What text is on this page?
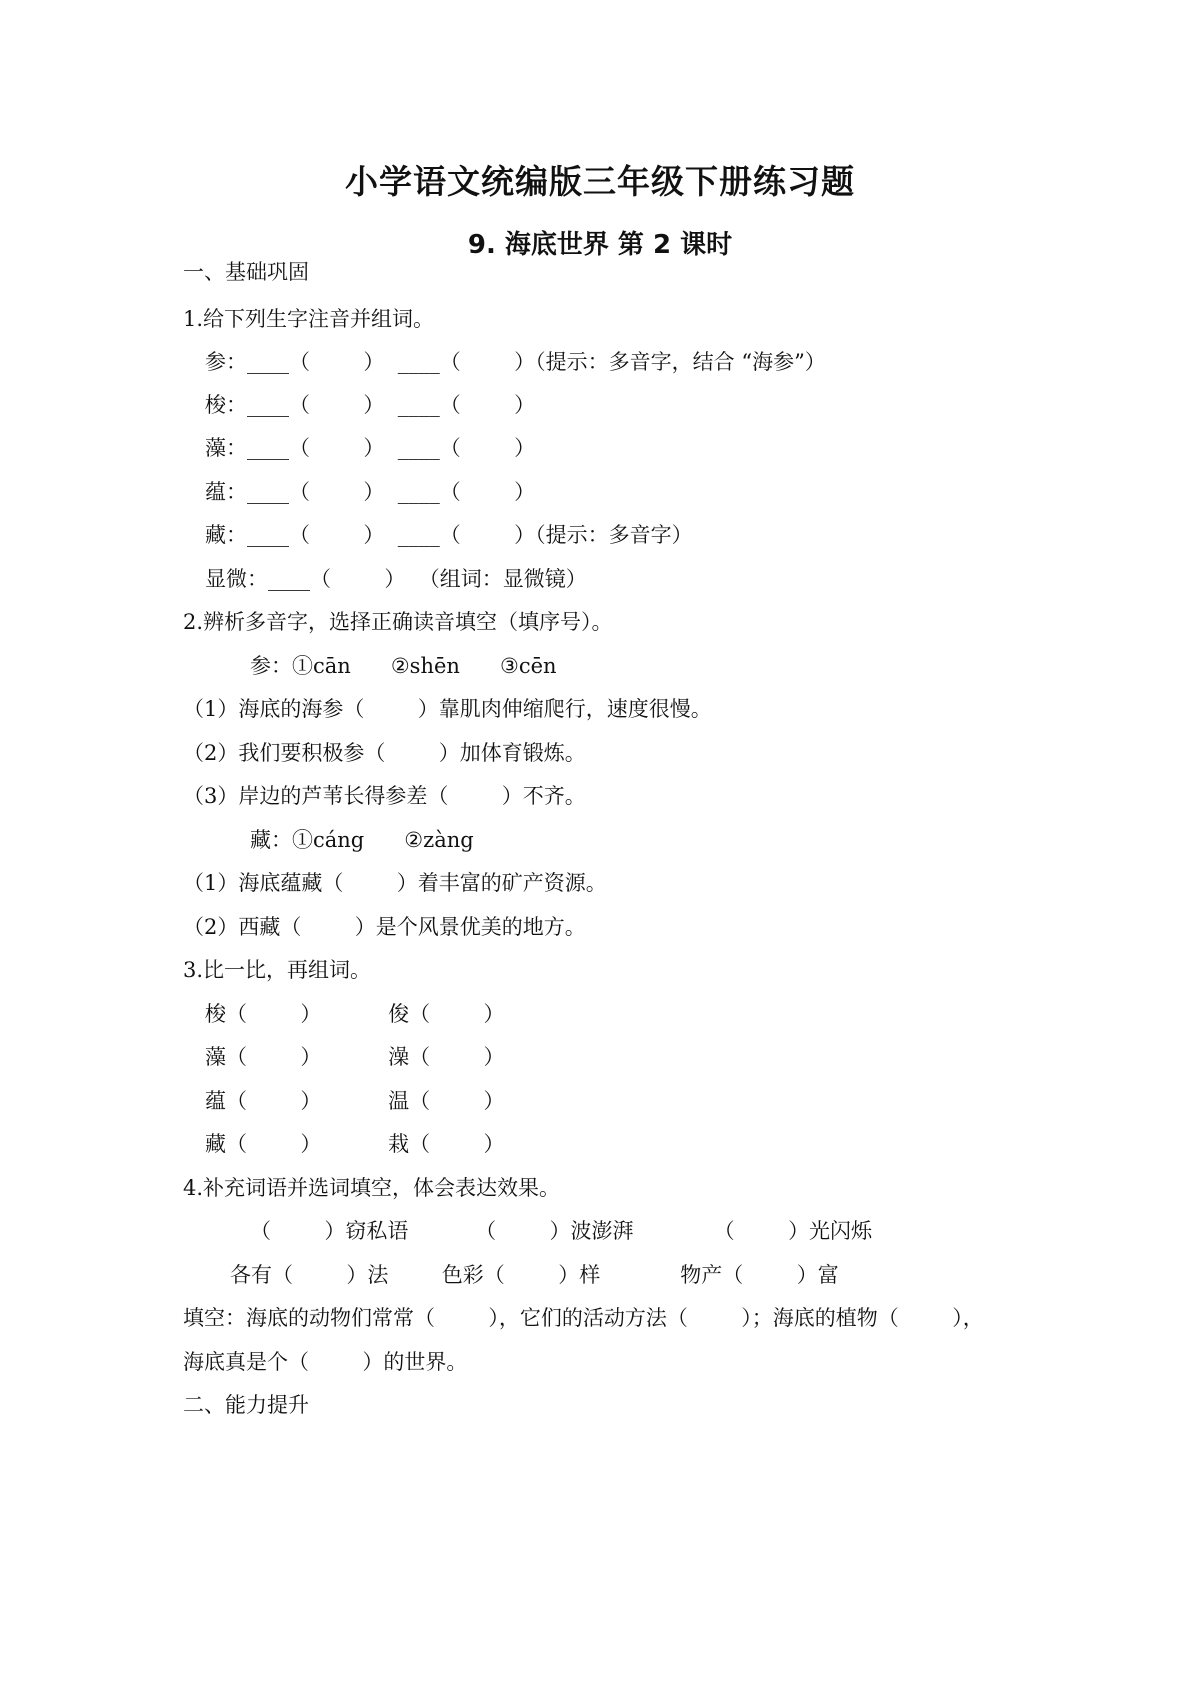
小学语文统编版三年级下册练习题
9. 海底世界 第 2 课时
一、基础巩固
1.给下列生字注音并组词。
参：____（        ）  ____（        ）（提示：多音字，结合 “海参”）
梭：____（        ）  ____（        ）
藻：____（        ）  ____（        ）
蕴：____（        ）  ____（        ）
藏：____（        ）  ____（        ）（提示：多音字）
显微：____（        ）  （组词：显微镜）
2.辨析多音字，选择正确读音填空（填序号）。
参：①cān      ②shēn      ③cēn
（1）海底的海参（        ）靠肌肉伸缩爬行，速度很慢。
（2）我们要积极参（        ）加体育锻炼。
（3）岸边的芦苇长得参差（        ）不齐。
藏：①cáng      ②zàng
（1）海底蕴藏（        ）着丰富的矿产资源。
（2）西藏（        ）是个风景优美的地方。
3.比一比，再组词。
梭（        ）          俊（        ）
藻（        ）          澡（        ）
蕴（        ）          温（        ）
藏（        ）          栽（        ）
4.补充词语并选词填空，体会表达效果。
（        ）窃私语          （        ）波澎湃            （        ）光闪烁
各有（        ）法        色彩（        ）样            物产（        ）富
填空：海底的动物们常常（        ），它们的活动方法（        ）；海底的植物（        ），
海底真是个（        ）的世界。
二、能力提升
